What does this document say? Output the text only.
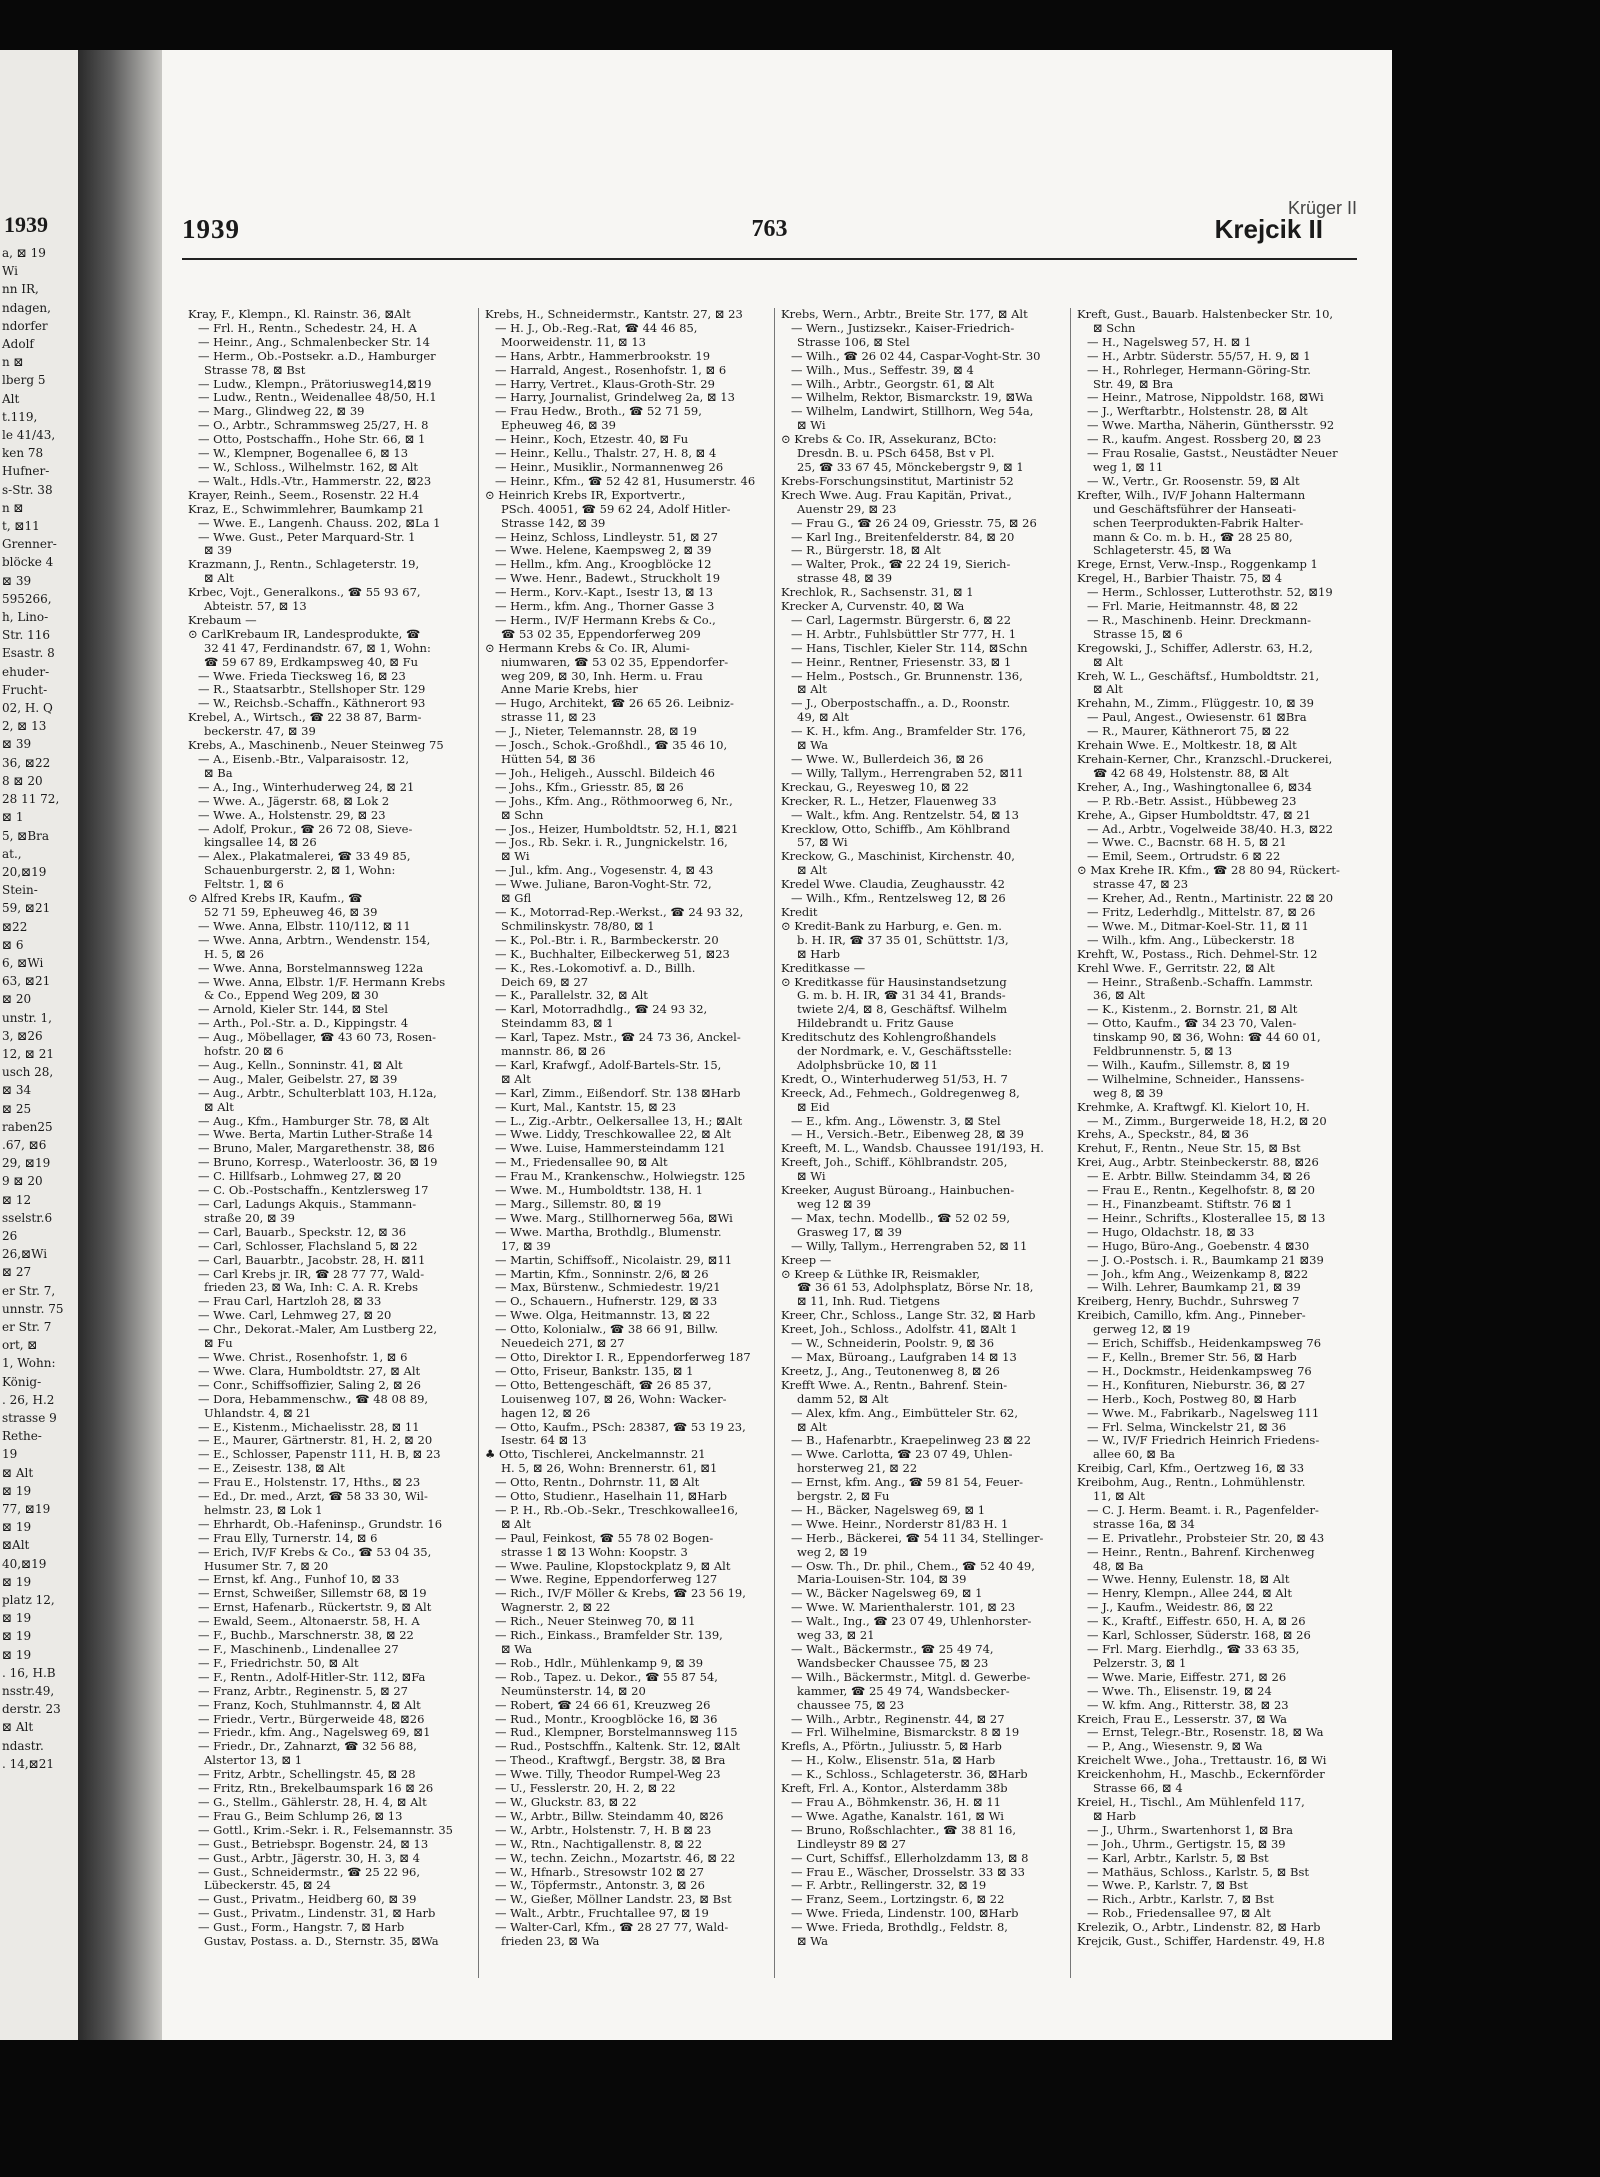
1939
a, ⊠ 19
Wi
nn IR,
ndagen,
ndorfer
Adolf
n ⊠
lberg 5
Alt
t.119,
le 41/43,
ken 78
Hufner-
s-Str. 38
n ⊠
t, ⊠11
Grenner-
blöcke 4
⊠ 39
595266,
h, Lino-
Str. 116
Esastr. 8
ehuder-
Frucht-
02, H. Q
2, ⊠ 13
⊠ 39
36, ⊠22
8 ⊠ 20
28 11 72,
⊠ 1
5, ⊠Bra
at.,
20,⊠19
Stein-
59, ⊠21
⊠22
⊠ 6
6, ⊠Wi
63, ⊠21
⊠ 20
unstr. 1,
3, ⊠26
12, ⊠ 21
usch 28,
⊠ 34
⊠ 25
raben25
.67, ⊠6
29, ⊠19
9 ⊠ 20
⊠ 12
sselstr.6
26
26,⊠Wi
⊠ 27
er Str. 7,
unnstr. 75
er Str. 7
ort, ⊠
1, Wohn:
König-
. 26, H.2
strasse 9
Rethe-
19
⊠ Alt
⊠ 19
77, ⊠19
⊠ 19
⊠Alt
40,⊠19
⊠ 19
platz 12,
⊠ 19
⊠ 19
⊠ 19
. 16, H.B
nsstr.49,
derstr. 23
⊠ Alt
ndastr.
. 14,⊠21
1939	763	Krejcik II
Krüger II

Kray, F., Klempn., Kl. Rainstr. 36, ⊠Alt

— Frl. H., Rentn., Schedestr. 24, H. A

— Heinr., Ang., Schmalenbecker Str. 14

— Herm., Ob.-Postsekr. a.D., Hamburger

Strasse 78, ⊠ Bst

— Ludw., Klempn., Prätoriusweg14,⊠19

— Ludw., Rentn., Weidenallee 48/50, H.1

— Marg., Glindweg 22, ⊠ 39

— O., Arbtr., Schrammsweg 25/27, H. 8

— Otto, Postschaffn., Hohe Str. 66, ⊠ 1

— W., Klempner, Bogenallee 6, ⊠ 13

— W., Schloss., Wilhelmstr. 162, ⊠ Alt

— Walt., Hdls.-Vtr., Hammerstr. 22, ⊠23

Krayer, Reinh., Seem., Rosenstr. 22 H.4

Kraz, E., Schwimmlehrer, Baumkamp 21

— Wwe. E., Langenh. Chauss. 202, ⊠La 1

— Wwe. Gust., Peter Marquard-Str. 1

⊠ 39

Krazmann, J., Rentn., Schlageterstr. 19,

⊠ Alt

Krbec, Vojt., Generalkons., ☎ 55 93 67,

Abteistr. 57, ⊠ 13

Krebaum —

⊙ CarlKrebaum IR, Landesprodukte, ☎

32 41 47, Ferdinandstr. 67, ⊠ 1, Wohn:

☎ 59 67 89, Erdkampsweg 40, ⊠ Fu

— Wwe. Frieda Tiecksweg 16, ⊠ 23

— R., Staatsarbtr., Stellshoper Str. 129

— W., Reichsb.-Schaffn., Käthnerort 93

Krebel, A., Wirtsch., ☎ 22 38 87, Barm-

beckerstr. 47, ⊠ 39

Krebs, A., Maschinenb., Neuer Steinweg 75

— A., Eisenb.-Btr., Valparaisostr. 12,

⊠ Ba

— A., Ing., Winterhuderweg 24, ⊠ 21

— Wwe. A., Jägerstr. 68, ⊠ Lok 2

— Wwe. A., Holstenstr. 29, ⊠ 23

— Adolf, Prokur., ☎ 26 72 08, Sieve-

kingsallee 14, ⊠ 26

— Alex., Plakatmalerei, ☎ 33 49 85,

Schauenburgerstr. 2, ⊠ 1, Wohn:

Feltstr. 1, ⊠ 6

⊙ Alfred Krebs IR, Kaufm., ☎

52 71 59, Epheuweg 46, ⊠ 39

— Wwe. Anna, Elbstr. 110/112, ⊠ 11

— Wwe. Anna, Arbtrn., Wendenstr. 154,

H. 5, ⊠ 26

— Wwe. Anna, Borstelmannsweg 122a

— Wwe. Anna, Elbstr. 1/F. Hermann Krebs

& Co., Eppend Weg 209, ⊠ 30

— Arnold, Kieler Str. 144, ⊠ Stel

— Arth., Pol.-Str. a. D., Kippingstr. 4

— Aug., Möbellager, ☎ 43 60 73, Rosen-

hofstr. 20 ⊠ 6

— Aug., Kelln., Sonninstr. 41, ⊠ Alt

— Aug., Maler, Geibelstr. 27, ⊠ 39

— Aug., Arbtr., Schulterblatt 103, H.12a,

⊠ Alt

— Aug., Kfm., Hamburger Str. 78, ⊠ Alt

— Wwe. Berta, Martin Luther-Straße 14

— Bruno, Maler, Margarethenstr. 38, ⊠6

— Bruno, Korresp., Waterloostr. 36, ⊠ 19

— C. Hillfsarb., Lohmweg 27, ⊠ 20

— C. Ob.-Postschaffn., Kentzlersweg 17

— Carl, Ladungs Akquis., Stammann-

straße 20, ⊠ 39

— Carl, Bauarb., Speckstr. 12, ⊠ 36

— Carl, Schlosser, Flachsland 5, ⊠ 22

— Carl, Bauarbtr., Jacobstr. 28, H. ⊠11

— Carl Krebs jr. IR, ☎ 28 77 77, Wald-

frieden 23, ⊠ Wa, Inh: C. A. R. Krebs

— Frau Carl, Hartzloh 28, ⊠ 33

— Wwe. Carl, Lehmweg 27, ⊠ 20

— Chr., Dekorat.-Maler, Am Lustberg 22,

⊠ Fu

— Wwe. Christ., Rosenhofstr. 1, ⊠ 6

— Wwe. Clara, Humboldtstr. 27, ⊠ Alt

— Conr., Schiffsoffizier, Saling 2, ⊠ 26

— Dora, Hebammenschw., ☎ 48 08 89,

Uhlandstr. 4, ⊠ 21

— E., Kistenm., Michaelisstr. 28, ⊠ 11

— E., Maurer, Gärtnerstr. 81, H. 2, ⊠ 20

— E., Schlosser, Papenstr 111, H. B, ⊠ 23

— E., Zeisestr. 138, ⊠ Alt

— Frau E., Holstenstr. 17, Hths., ⊠ 23

— Ed., Dr. med., Arzt, ☎ 58 33 30, Wil-

helmstr. 23, ⊠ Lok 1

— Ehrhardt, Ob.-Hafeninsp., Grundstr. 16

— Frau Elly, Turnerstr. 14, ⊠ 6

— Erich, IV/F Krebs & Co., ☎ 53 04 35,

Husumer Str. 7, ⊠ 20

— Ernst, kf. Ang., Funhof 10, ⊠ 33

— Ernst, Schweißer, Sillemstr 68, ⊠ 19

— Ernst, Hafenarb., Rückertstr. 9, ⊠ Alt

— Ewald, Seem., Altonaerstr. 58, H. A

— F., Buchb., Marschnerstr. 38, ⊠ 22

— F., Maschinenb., Lindenallee 27

— F., Friedrichstr. 50, ⊠ Alt

— F., Rentn., Adolf-Hitler-Str. 112, ⊠Fa

— Franz, Arbtr., Reginenstr. 5, ⊠ 27

— Franz, Koch, Stuhlmannstr. 4, ⊠ Alt

— Friedr., Vertr., Bürgerweide 48, ⊠26

— Friedr., kfm. Ang., Nagelsweg 69, ⊠1

— Friedr., Dr., Zahnarzt, ☎ 32 56 88,

Alstertor 13, ⊠ 1

— Fritz, Arbtr., Schellingstr. 45, ⊠ 28

— Fritz, Rtn., Brekelbaumspark 16 ⊠ 26

— G., Stellm., Gählerstr. 28, H. 4, ⊠ Alt

— Frau G., Beim Schlump 26, ⊠ 13

— Gottl., Krim.-Sekr. i. R., Felsemannstr. 35

— Gust., Betriebspr. Bogenstr. 24, ⊠ 13

— Gust., Arbtr., Jägerstr. 30, H. 3, ⊠ 4

— Gust., Schneidermstr., ☎ 25 22 96,

Lübeckerstr. 45, ⊠ 24

— Gust., Privatm., Heidberg 60, ⊠ 39

— Gust., Privatm., Lindenstr. 31, ⊠ Harb

— Gust., Form., Hangstr. 7, ⊠ Harb

Gustav, Postass. a. D., Sternstr. 35, ⊠Wa

Krebs, H., Schneidermstr., Kantstr. 27, ⊠ 23

— H. J., Ob.-Reg.-Rat, ☎ 44 46 85,

Moorweidenstr. 11, ⊠ 13

— Hans, Arbtr., Hammerbrookstr. 19

— Harrald, Angest., Rosenhofstr. 1, ⊠ 6

— Harry, Vertret., Klaus-Groth-Str. 29

— Harry, Journalist, Grindelweg 2a, ⊠ 13

— Frau Hedw., Broth., ☎ 52 71 59,

Epheuweg 46, ⊠ 39

— Heinr., Koch, Etzestr. 40, ⊠ Fu

— Heinr., Kellu., Thalstr. 27, H. 8, ⊠ 4

— Heinr., Musiklir., Normannenweg 26

— Heinr., Kfm., ☎ 52 42 81, Husumerstr. 46

⊙ Heinrich Krebs IR, Exportvertr.,

PSch. 40051, ☎ 59 62 24, Adolf Hitler-

Strasse 142, ⊠ 39

— Heinz, Schloss, Lindleystr. 51, ⊠ 27

— Wwe. Helene, Kaempsweg 2, ⊠ 39

— Hellm., kfm. Ang., Kroogblöcke 12

— Wwe. Henr., Badewt., Struckholt 19

— Herm., Korv.-Kapt., Isestr 13, ⊠ 13

— Herm., kfm. Ang., Thorner Gasse 3

— Herm., IV/F Hermann Krebs & Co.,

☎ 53 02 35, Eppendorferweg 209

⊙ Hermann Krebs & Co. IR, Alumi-

niumwaren, ☎ 53 02 35, Eppendorfer-

weg 209, ⊠ 30, Inh. Herm. u. Frau

Anne Marie Krebs, hier

— Hugo, Architekt, ☎ 26 65 26. Leibniz-

strasse 11, ⊠ 23

— J., Nieter, Telemannstr. 28, ⊠ 19

— Josch., Schok.-Großhdl., ☎ 35 46 10,

Hütten 54, ⊠ 36

— Joh., Heligeh., Ausschl. Bildeich 46

— Johs., Kfm., Griesstr. 85, ⊠ 26

— Johs., Kfm. Ang., Röthmoorweg 6, Nr.,

⊠ Schn

— Jos., Heizer, Humboldtstr. 52, H.1, ⊠21

— Jos., Rb. Sekr. i. R., Jungnickelstr. 16,

⊠ Wi

— Jul., kfm. Ang., Vogesenstr. 4, ⊠ 43

— Wwe. Juliane, Baron-Voght-Str. 72,

⊠ Gfl

— K., Motorrad-Rep.-Werkst., ☎ 24 93 32,

Schmilinskystr. 78/80, ⊠ 1

— K., Pol.-Btr. i. R., Barmbeckerstr. 20

— K., Buchhalter, Eilbeckerweg 51, ⊠23

— K., Res.-Lokomotivf. a. D., Billh.

Deich 69, ⊠ 27

— K., Parallelstr. 32, ⊠ Alt

— Karl, Motorradhdlg., ☎ 24 93 32,

Steindamm 83, ⊠ 1

— Karl, Tapez. Mstr., ☎ 24 73 36, Anckel-

mannstr. 86, ⊠ 26

— Karl, Krafwgf., Adolf-Bartels-Str. 15,

⊠ Alt

— Karl, Zimm., Eißendorf. Str. 138 ⊠Harb

— Kurt, Mal., Kantstr. 15, ⊠ 23

— L., Zig.-Arbtr., Oelkersallee 13, H.; ⊠Alt

— Wwe. Liddy, Treschkowallee 22, ⊠ Alt

— Wwe. Luise, Hammersteindamm 121

— M., Friedensallee 90, ⊠ Alt

— Frau M., Krankenschw., Holwiegstr. 125

— Wwe. M., Humboldtstr. 138, H. 1

— Marg., Sillemstr. 80, ⊠ 19

— Wwe. Marg., Stillhornerweg 56a, ⊠Wi

— Wwe. Martha, Brothdlg., Blumenstr.

17, ⊠ 39

— Martin, Schiffsoff., Nicolaistr. 29, ⊠11

— Martin, Kfm., Sonninstr. 2/6, ⊠ 26

— Max, Bürstenw., Schmiedestr. 19/21

— O., Schauern., Hufnerstr. 129, ⊠ 33

— Wwe. Olga, Heitmannstr. 13, ⊠ 22

— Otto, Kolonialw., ☎ 38 66 91, Billw.

Neuedeich 271, ⊠ 27

— Otto, Direktor I. R., Eppendorferweg 187

— Otto, Friseur, Bankstr. 135, ⊠ 1

— Otto, Bettengeschäft, ☎ 26 85 37,

Louisenweg 107, ⊠ 26, Wohn: Wacker-

hagen 12, ⊠ 26

— Otto, Kaufm., PSch: 28387, ☎ 53 19 23,

Isestr. 64 ⊠ 13

♣ Otto, Tischlerei, Anckelmannstr. 21

H. 5, ⊠ 26, Wohn: Brennerstr. 61, ⊠1

— Otto, Rentn., Dohrnstr. 11, ⊠ Alt

— Otto, Studienr., Haselhain 11, ⊠Harb

— P. H., Rb.-Ob.-Sekr., Treschkowallee16,

⊠ Alt

— Paul, Feinkost, ☎ 55 78 02 Bogen-

strasse 1 ⊠ 13 Wohn: Koopstr. 3

— Wwe. Pauline, Klopstockplatz 9, ⊠ Alt

— Wwe. Regine, Eppendorferweg 127

— Rich., IV/F Möller & Krebs, ☎ 23 56 19,

Wagnerstr. 2, ⊠ 22

— Rich., Neuer Steinweg 70, ⊠ 11

— Rich., Einkass., Bramfelder Str. 139,

⊠ Wa

— Rob., Hdlr., Mühlenkamp 9, ⊠ 39

— Rob., Tapez. u. Dekor., ☎ 55 87 54,

Neumünsterstr. 14, ⊠ 20

— Robert, ☎ 24 66 61, Kreuzweg 26

— Rud., Montr., Kroogblöcke 16, ⊠ 36

— Rud., Klempner, Borstelmannsweg 115

— Rud., Postschffn., Kaltenk. Str. 12, ⊠Alt

— Theod., Kraftwgf., Bergstr. 38, ⊠ Bra

— Wwe. Tilly, Theodor Rumpel-Weg 23

— U., Fesslerstr. 20, H. 2, ⊠ 22

— W., Gluckstr. 83, ⊠ 22

— W., Arbtr., Billw. Steindamm 40, ⊠26

— W., Arbtr., Holstenstr. 7, H. B ⊠ 23

— W., Rtn., Nachtigallenstr. 8, ⊠ 22

— W., techn. Zeichn., Mozartstr. 46, ⊠ 22

— W., Hfnarb., Stresowstr 102 ⊠ 27

— W., Töpfermstr., Antonstr. 3, ⊠ 26

— W., Gießer, Möllner Landstr. 23, ⊠ Bst

— Walt., Arbtr., Fruchtallee 97, ⊠ 19

— Walter-Carl, Kfm., ☎ 28 27 77, Wald-

frieden 23, ⊠ Wa

Krebs, Wern., Arbtr., Breite Str. 177, ⊠ Alt

— Wern., Justizsekr., Kaiser-Friedrich-

Strasse 106, ⊠ Stel

— Wilh., ☎ 26 02 44, Caspar-Voght-Str. 30

— Wilh., Mus., Seffestr. 39, ⊠ 4

— Wilh., Arbtr., Georgstr. 61, ⊠ Alt

— Wilhelm, Rektor, Bismarckstr. 19, ⊠Wa

— Wilhelm, Landwirt, Stillhorn, Weg 54a,

⊠ Wi

⊙ Krebs & Co. IR, Assekuranz, BCto:

Dresdn. B. u. PSch 6458, Bst v Pl.

25, ☎ 33 67 45, Mönckebergstr 9, ⊠ 1

Krebs-Forschungsinstitut, Martinistr 52

Krech Wwe. Aug. Frau Kapitän, Privat.,

Auenstr 29, ⊠ 23

— Frau G., ☎ 26 24 09, Griesstr. 75, ⊠ 26

— Karl Ing., Breitenfelderstr. 84, ⊠ 20

— R., Bürgerstr. 18, ⊠ Alt

— Walter, Prok., ☎ 22 24 19, Sierich-

strasse 48, ⊠ 39

Krechlok, R., Sachsenstr. 31, ⊠ 1

Krecker A, Curvenstr. 40, ⊠ Wa

— Carl, Lagermstr. Bürgerstr. 6, ⊠ 22

— H. Arbtr., Fuhlsbüttler Str 777, H. 1

— Hans, Tischler, Kieler Str. 114, ⊠Schn

— Heinr., Rentner, Friesenstr. 33, ⊠ 1

— Helm., Postsch., Gr. Brunnenstr. 136,

⊠ Alt

— J., Oberpostschaffn., a. D., Roonstr.

49, ⊠ Alt

— K. H., kfm. Ang., Bramfelder Str. 176,

⊠ Wa

— Wwe. W., Bullerdeich 36, ⊠ 26

— Willy, Tallym., Herrengraben 52, ⊠11

Kreckau, G., Reyesweg 10, ⊠ 22

Krecker, R. L., Hetzer, Flauenweg 33

— Walt., kfm. Ang. Rentzelstr. 54, ⊠ 13

Krecklow, Otto, Schiffb., Am Köhlbrand

57, ⊠ Wi

Kreckow, G., Maschinist, Kirchenstr. 40,

⊠ Alt

Kredel Wwe. Claudia, Zeughausstr. 42

— Wilh., Kfm., Rentzelsweg 12, ⊠ 26

Kredit

⊙ Kredit-Bank zu Harburg, e. Gen. m.

b. H. IR, ☎ 37 35 01, Schüttstr. 1/3,

⊠ Harb

Kreditkasse —

⊙ Kreditkasse für Hausinstandsetzung

G. m. b. H. IR, ☎ 31 34 41, Brands-

twiete 2/4, ⊠ 8, Geschäftsf. Wilhelm

Hildebrandt u. Fritz Gause

Kreditschutz des Kohlengroßhandels

der Nordmark, e. V., Geschäftsstelle:

Adolphsbrücke 10, ⊠ 11

Kredt, O., Winterhuderweg 51/53, H. 7

Kreeck, Ad., Fehmech., Goldregenweg 8,

⊠ Eid

— E., kfm. Ang., Löwenstr. 3, ⊠ Stel

— H., Versich.-Betr., Eibenweg 28, ⊠ 39

Kreeft, M. L., Wandsb. Chaussee 191/193, H.

Kreeft, Joh., Schiff., Köhlbrandstr. 205,

⊠ Wi

Kreeker, August Büroang., Hainbuchen-

weg 12 ⊠ 39

— Max, techn. Modellb., ☎ 52 02 59,

Grasweg 17, ⊠ 39

— Willy, Tallym., Herrengraben 52, ⊠ 11

Kreep —

⊙ Kreep & Lüthke IR, Reismakler,

☎ 36 61 53, Adolphsplatz, Börse Nr. 18,

⊠ 11, Inh. Rud. Tietgens

Kreer, Chr., Schloss., Lange Str. 32, ⊠ Harb

Kreet, Joh., Schloss., Adolfstr. 41, ⊠Alt 1

— W., Schneiderin, Poolstr. 9, ⊠ 36

— Max, Büroang., Laufgraben 14 ⊠ 13

Kreetz, J., Ang., Teutonenweg 8, ⊠ 26

Krefft Wwe. A., Rentn., Bahrenf. Stein-

damm 52, ⊠ Alt

— Alex, kfm. Ang., Eimbütteler Str. 62,

⊠ Alt

— B., Hafenarbtr., Kraepelinweg 23 ⊠ 22

— Wwe. Carlotta, ☎ 23 07 49, Uhlen-

horsterweg 21, ⊠ 22

— Ernst, kfm. Ang., ☎ 59 81 54, Feuer-

bergstr. 2, ⊠ Fu

— H., Bäcker, Nagelsweg 69, ⊠ 1

— Wwe. Heinr., Norderstr 81/83 H. 1

— Herb., Bäckerei, ☎ 54 11 34, Stellinger-

weg 2, ⊠ 19

— Osw. Th., Dr. phil., Chem., ☎ 52 40 49,

Maria-Louisen-Str. 104, ⊠ 39

— W., Bäcker Nagelsweg 69, ⊠ 1

— Wwe. W. Marienthalerstr. 101, ⊠ 23

— Walt., Ing., ☎ 23 07 49, Uhlenhorster-

weg 33, ⊠ 21

— Walt., Bäckermstr., ☎ 25 49 74,

Wandsbecker Chaussee 75, ⊠ 23

— Wilh., Bäckermstr., Mitgl. d. Gewerbe-

kammer, ☎ 25 49 74, Wandsbecker-

chaussee 75, ⊠ 23

— Wilh., Arbtr., Reginenstr. 44, ⊠ 27

— Frl. Wilhelmine, Bismarckstr. 8 ⊠ 19

Krefls, A., Pförtn., Juliusstr. 5, ⊠ Harb

— H., Kolw., Elisenstr. 51a, ⊠ Harb

— K., Schloss., Schlageterstr. 36, ⊠Harb

Kreft, Frl. A., Kontor., Alsterdamm 38b

— Frau A., Böhmkenstr. 36, H. ⊠ 11

— Wwe. Agathe, Kanalstr. 161, ⊠ Wi

— Bruno, Roßschlachter., ☎ 38 81 16,

Lindleystr 89 ⊠ 27

— Curt, Schiffsf., Ellerholzdamm 13, ⊠ 8

— Frau E., Wäscher, Drosselstr. 33 ⊠ 33

— F. Arbtr., Rellingerstr. 32, ⊠ 19

— Franz, Seem., Lortzingstr. 6, ⊠ 22

— Wwe. Frieda, Lindenstr. 100, ⊠Harb

— Wwe. Frieda, Brothdlg., Feldstr. 8,

⊠ Wa

Kreft, Gust., Bauarb. Halstenbecker Str. 10,

⊠ Schn

— H., Nagelsweg 57, H. ⊠ 1

— H., Arbtr. Süderstr. 55/57, H. 9, ⊠ 1

— H., Rohrleger, Hermann-Göring-Str.

Str. 49, ⊠ Bra

— Heinr., Matrose, Nippoldstr. 168, ⊠Wi

— J., Werftarbtr., Holstenstr. 28, ⊠ Alt

— Wwe. Martha, Näherin, Günthersstr. 92

— R., kaufm. Angest. Rossberg 20, ⊠ 23

— Frau Rosalie, Gastst., Neustädter Neuer

weg 1, ⊠ 11

— W., Vertr., Gr. Roosenstr. 59, ⊠ Alt

Krefter, Wilh., IV/F Johann Haltermann

und Geschäftsführer der Hanseati-

schen Teerprodukten-Fabrik Halter-

mann & Co. m. b. H., ☎ 28 25 80,

Schlageterstr. 45, ⊠ Wa

Krege, Ernst, Verw.-Insp., Roggenkamp 1

Kregel, H., Barbier Thaistr. 75, ⊠ 4

— Herm., Schlosser, Lutterothstr. 52, ⊠19

— Frl. Marie, Heitmannstr. 48, ⊠ 22

— R., Maschinenb. Heinr. Dreckmann-

Strasse 15, ⊠ 6

Kregowski, J., Schiffer, Adlerstr. 63, H.2,

⊠ Alt

Kreh, W. L., Geschäftsf., Humboldtstr. 21,

⊠ Alt

Krehahn, M., Zimm., Flüggestr. 10, ⊠ 39

— Paul, Angest., Owiesenstr. 61 ⊠Bra

— R., Maurer, Käthnerort 75, ⊠ 22

Krehain Wwe. E., Moltkestr. 18, ⊠ Alt

Krehain-Kerner, Chr., Kranzschl.-Druckerei,

☎ 42 68 49, Holstenstr. 88, ⊠ Alt

Kreher, A., Ing., Washingtonallee 6, ⊠34

— P. Rb.-Betr. Assist., Hübbeweg 23

Krehe, A., Gipser Humboldtstr. 47, ⊠ 21

— Ad., Arbtr., Vogelweide 38/40. H.3, ⊠22

— Wwe. C., Bacnstr. 68 H. 5, ⊠ 21

— Emil, Seem., Ortrudstr. 6 ⊠ 22

⊙ Max Krehe IR. Kfm., ☎ 28 80 94, Rückert-

strasse 47, ⊠ 23

— Kreher, Ad., Rentn., Martinistr. 22 ⊠ 20

— Fritz, Lederhdlg., Mittelstr. 87, ⊠ 26

— Wwe. M., Ditmar-Koel-Str. 11, ⊠ 11

— Wilh., kfm. Ang., Lübeckerstr. 18

Krehft, W., Postass., Rich. Dehmel-Str. 12

Krehl Wwe. F., Gerritstr. 22, ⊠ Alt

— Heinr., Straßenb.-Schaffn. Lammstr.

36, ⊠ Alt

— K., Kistenm., 2. Bornstr. 21, ⊠ Alt

— Otto, Kaufm., ☎ 34 23 70, Valen-

tinskamp 90, ⊠ 36, Wohn: ☎ 44 60 01,

Feldbrunnenstr. 5, ⊠ 13

— Wilh., Kaufm., Sillemstr. 8, ⊠ 19

— Wilhelmine, Schneider., Hanssens-

weg 8, ⊠ 39

Krehmke, A. Kraftwgf. Kl. Kielort 10, H.

— M., Zimm., Burgerweide 18, H.2, ⊠ 20

Krehs, A., Speckstr., 84, ⊠ 36

Krehut, F., Rentn., Neue Str. 15, ⊠ Bst

Krei, Aug., Arbtr. Steinbeckerstr. 88, ⊠26

— E. Arbtr. Billw. Steindamm 34, ⊠ 26

— Frau E., Rentn., Kegelhofstr. 8, ⊠ 20

— H., Finanzbeamt. Stiftstr. 76 ⊠ 1

— Heinr., Schrifts., Klosterallee 15, ⊠ 13

— Hugo, Oldachstr. 18, ⊠ 33

— Hugo, Büro-Ang., Goebenstr. 4 ⊠30

— J. O.-Postsch. i. R., Baumkamp 21 ⊠39

— Joh., kfm Ang., Weizenkamp 8, ⊠22

— Wilh. Lehrer, Baumkamp 21, ⊠ 39

Kreiberg, Henry, Buchdr., Suhrsweg 7

Kreibich, Camillo, kfm. Ang., Pinneber-

gerweg 12, ⊠ 19

— Erich, Schiffsb., Heidenkampsweg 76

— F., Kelln., Bremer Str. 56, ⊠ Harb

— H., Dockmstr., Heidenkampsweg 76

— H., Konfituren, Nieburstr. 36, ⊠ 27

— Herb., Koch, Postweg 80, ⊠ Harb

— Wwe. M., Fabrikarb., Nagelsweg 111

— Frl. Selma, Winckelstr 21, ⊠ 36

— W., IV/F Friedrich Heinrich Friedens-

allee 60, ⊠ Ba

Kreibig, Carl, Kfm., Oertzweg 16, ⊠ 33

Kreibohm, Aug., Rentn., Lohmühlenstr.

11, ⊠ Alt

— C. J. Herm. Beamt. i. R., Pagenfelder-

strasse 16a, ⊠ 34

— E. Privatlehr., Probsteier Str. 20, ⊠ 43

— Heinr., Rentn., Bahrenf. Kirchenweg

48, ⊠ Ba

— Wwe. Henny, Eulenstr. 18, ⊠ Alt

— Henry, Klempn., Allee 244, ⊠ Alt

— J., Kaufm., Weidestr. 86, ⊠ 22

— K., Kraftf., Eiffestr. 650, H. A, ⊠ 26

— Karl, Schlosser, Süderstr. 168, ⊠ 26

— Frl. Marg. Eierhdlg., ☎ 33 63 35,

Pelzerstr. 3, ⊠ 1

— Wwe. Marie, Eiffestr. 271, ⊠ 26

— Wwe. Th., Elisenstr. 19, ⊠ 24

— W. kfm. Ang., Ritterstr. 38, ⊠ 23

Kreich, Frau E., Lesserstr. 37, ⊠ Wa

— Ernst, Telegr.-Btr., Rosenstr. 18, ⊠ Wa

— P., Ang., Wiesenstr. 9, ⊠ Wa

Kreichelt Wwe., Joha., Trettaustr. 16, ⊠ Wi

Kreickenhohm, H., Maschb., Eckernförder

Strasse 66, ⊠ 4

Kreiel, H., Tischl., Am Mühlenfeld 117,

⊠ Harb

— J., Uhrm., Swartenhorst 1, ⊠ Bra

— Joh., Uhrm., Gertigstr. 15, ⊠ 39

— Karl, Arbtr., Karlstr. 5, ⊠ Bst

— Mathäus, Schloss., Karlstr. 5, ⊠ Bst

— Wwe. P., Karlstr. 7, ⊠ Bst

— Rich., Arbtr., Karlstr. 7, ⊠ Bst

— Rob., Friedensallee 97, ⊠ Alt

Krelezik, O., Arbtr., Lindenstr. 82, ⊠ Harb

Krejcik, Gust., Schiffer, Hardenstr. 49, H.8
